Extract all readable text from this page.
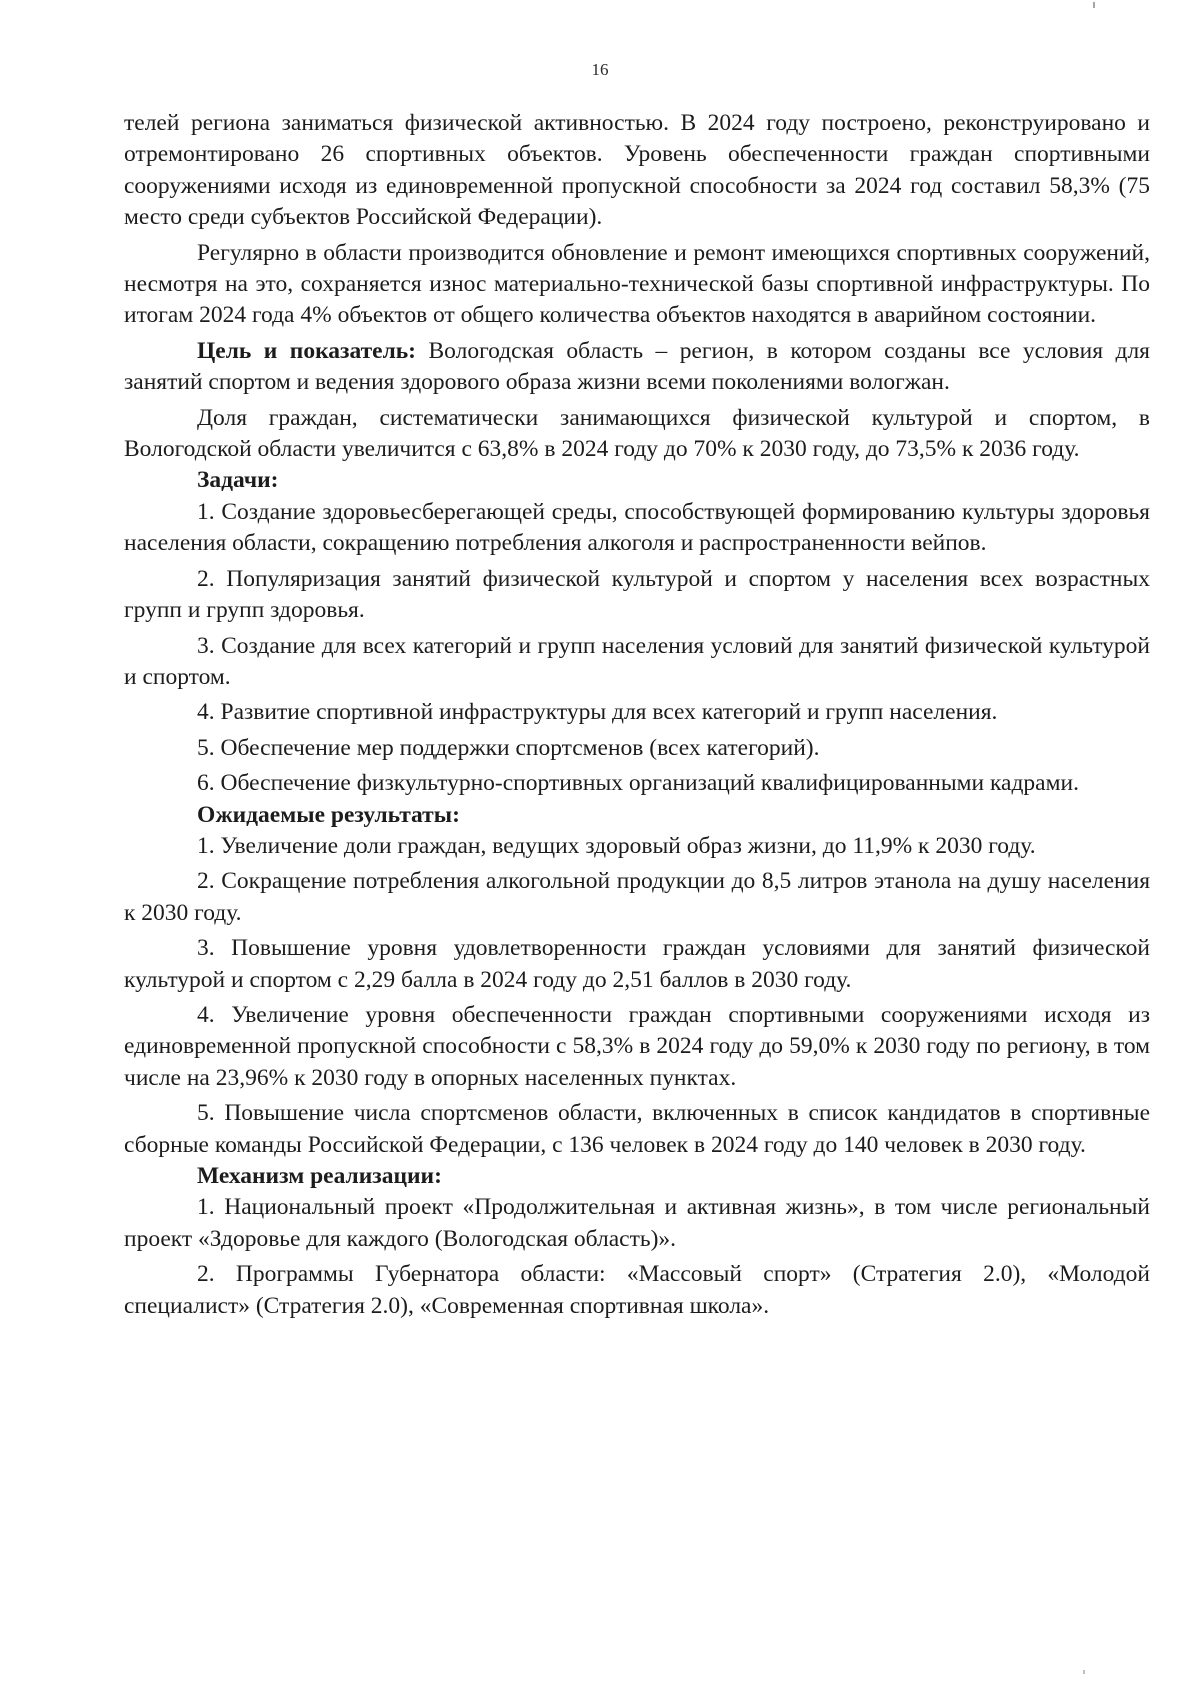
16

телей региона заниматься физической активностью. В 2024 году построено, реконструировано и отремонтировано 26 спортивных объектов. Уровень обеспеченности граждан спортивными сооружениями исходя из единовременной пропускной способности за 2024 год составил 58,3% (75 место среди субъектов Российской Федерации).

Регулярно в области производится обновление и ремонт имеющихся спортивных сооружений, несмотря на это, сохраняется износ материально-технической базы спортивной инфраструктуры. По итогам 2024 года 4% объектов от общего количества объектов находятся в аварийном состоянии.

Цель и показатель: Вологодская область – регион, в котором созданы все условия для занятий спортом и ведения здорового образа жизни всеми поколениями вологжан.

Доля граждан, систематически занимающихся физической культурой и спортом, в Вологодской области увеличится с 63,8% в 2024 году до 70% к 2030 году, до 73,5% к 2036 году.

Задачи:

1. Создание здоровьесберегающей среды, способствующей формированию культуры здоровья населения области, сокращению потребления алкоголя и распространенности вейпов.

2. Популяризация занятий физической культурой и спортом у населения всех возрастных групп и групп здоровья.

3. Создание для всех категорий и групп населения условий для занятий физической культурой и спортом.

4. Развитие спортивной инфраструктуры для всех категорий и групп населения.

5. Обеспечение мер поддержки спортсменов (всех категорий).

6. Обеспечение физкультурно-спортивных организаций квалифицированными кадрами.

Ожидаемые результаты:

1. Увеличение доли граждан, ведущих здоровый образ жизни, до 11,9% к 2030 году.

2. Сокращение потребления алкогольной продукции до 8,5 литров этанола на душу населения к 2030 году.

3. Повышение уровня удовлетворенности граждан условиями для занятий физической культурой и спортом с 2,29 балла в 2024 году до 2,51 баллов в 2030 году.

4. Увеличение уровня обеспеченности граждан спортивными сооружениями исходя из единовременной пропускной способности с 58,3% в 2024 году до 59,0% к 2030 году по региону, в том числе на 23,96% к 2030 году в опорных населенных пунктах.

5. Повышение числа спортсменов области, включенных в список кандидатов в спортивные сборные команды Российской Федерации, с 136 человек в 2024 году до 140 человек в 2030 году.

Механизм реализации:

1. Национальный проект «Продолжительная и активная жизнь», в том числе региональный проект «Здоровье для каждого (Вологодская область)».

2. Программы Губернатора области: «Массовый спорт» (Стратегия 2.0), «Молодой специалист» (Стратегия 2.0), «Современная спортивная школа».
